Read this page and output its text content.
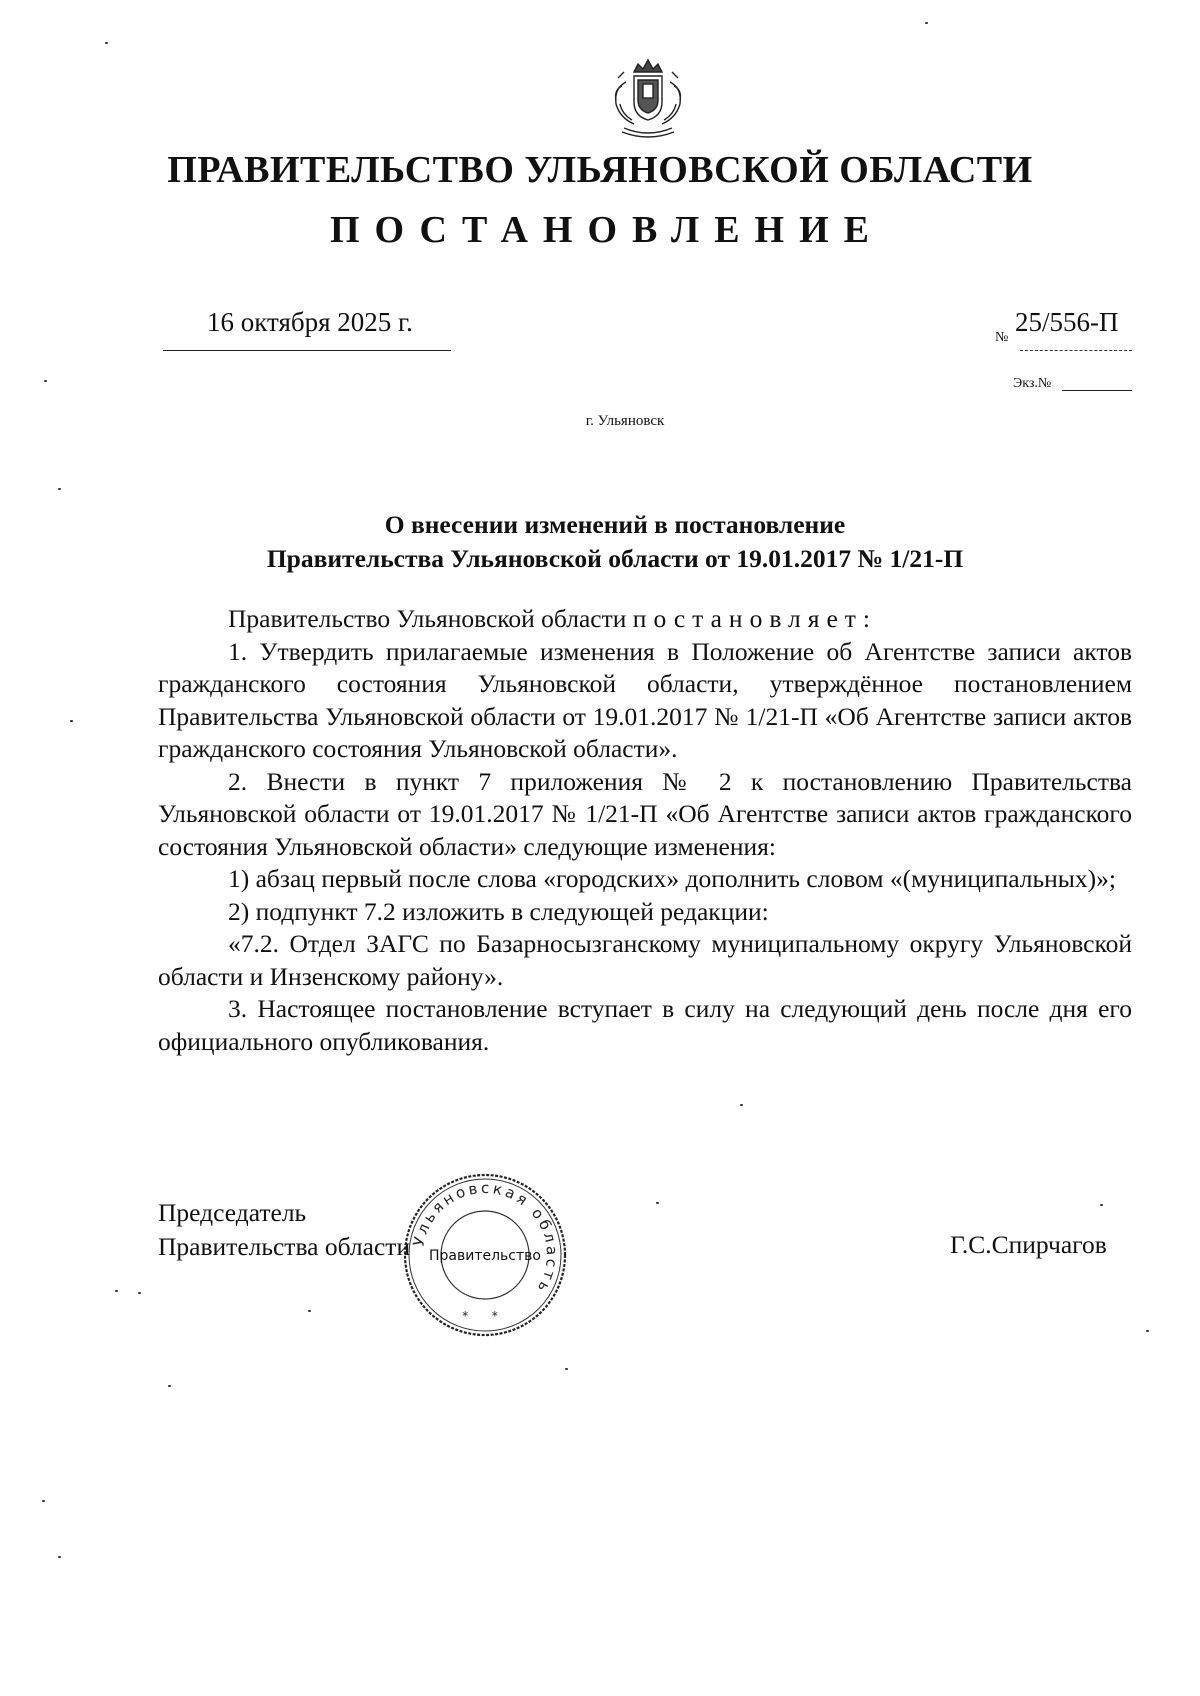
ПРАВИТЕЛЬСТВО УЛЬЯНОВСКОЙ ОБЛАСТИ
ПОСТАНОВЛЕНИЕ
16 октября 2025 г.
№
25/556-П
Экз.№
г. Ульяновск
О внесении изменений в постановление
Правительства Ульяновской области от 19.01.2017 № 1/21-П

Правительство Ульяновской области постановляет:

1. Утвердить прилагаемые изменения в Положение об Агентстве записи актов гражданского состояния Ульяновской области, утверждённое постановлением Правительства Ульяновской области от 19.01.2017 № 1/21-П «Об Агентстве записи актов гражданского состояния Ульяновской области».

2. Внести в пункт 7 приложения № 2 к постановлению Правительства Ульяновской области от 19.01.2017 № 1/21-П «Об Агентстве записи актов гражданского состояния Ульяновской области» следующие изменения:

1) абзац первый после слова «городских» дополнить словом «(муниципальных)»;

2) подпункт 7.2 изложить в следующей редакции:

«7.2. Отдел ЗАГС по Базарносызганскому муниципальному округу Ульяновской области и Инзенскому району».

3. Настоящее постановление вступает в силу на следующий день после дня его официального опубликования.

Председатель
Правительства области	Г.С.Спирчагов
Ульяновская область
Правительство
* *
